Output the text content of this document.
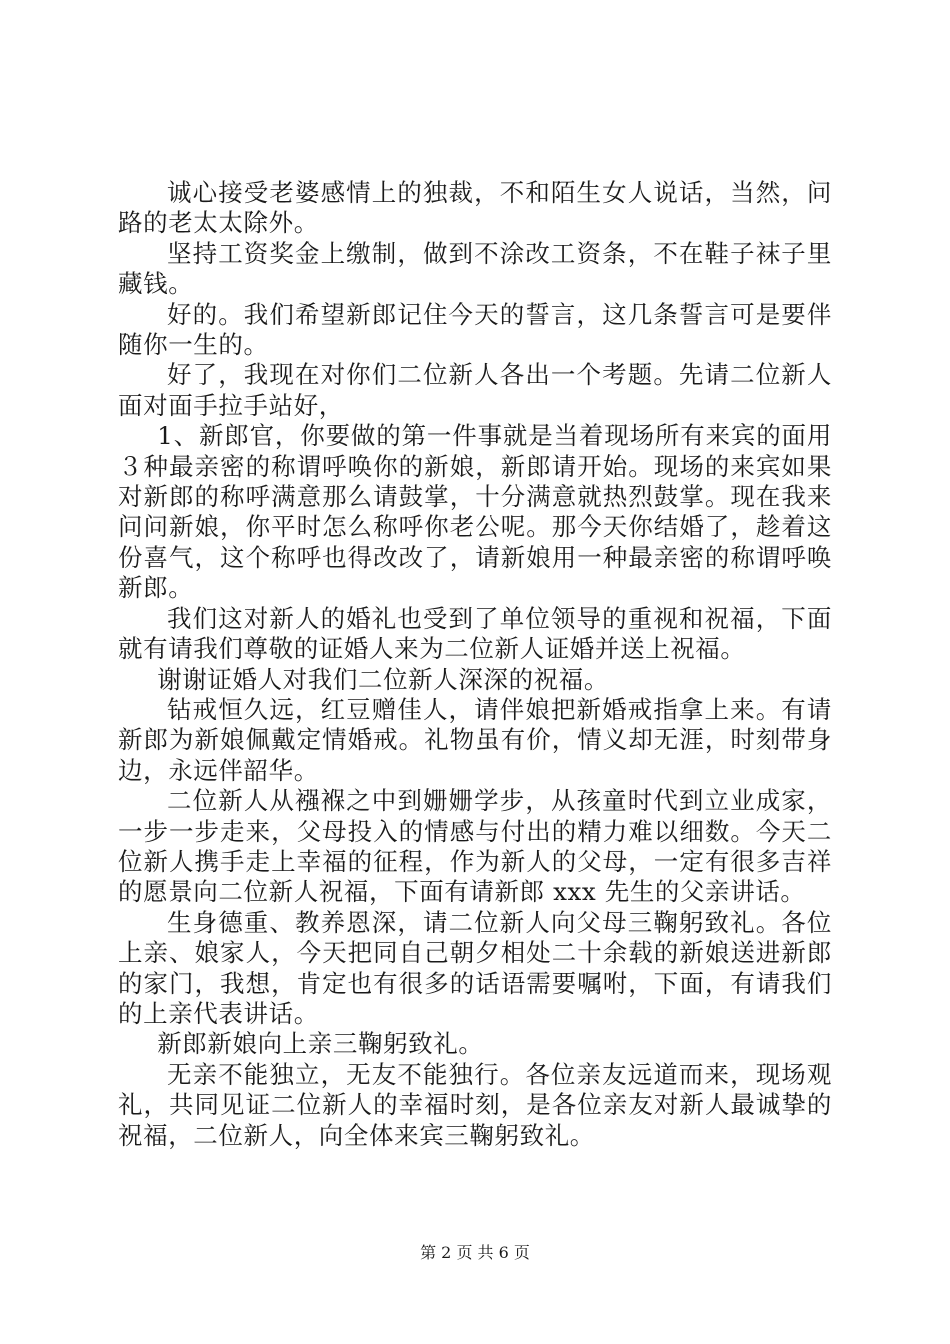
诚心接受老婆感情上的独裁，不和陌生女人说话，当然，问路的老太太除外。

坚持工资奖金上缴制，做到不涂改工资条，不在鞋子袜子里藏钱。

好的。我们希望新郎记住今天的誓言，这几条誓言可是要伴随你一生的。

好了，我现在对你们二位新人各出一个考题。先请二位新人面对面手拉手站好，

1、新郎官，你要做的第一件事就是当着现场所有来宾的面用３种最亲密的称谓呼唤你的新娘，新郎请开始。现场的来宾如果对新郎的称呼满意那么请鼓掌，十分满意就热烈鼓掌。现在我来问问新娘，你平时怎么称呼你老公呢。那今天你结婚了，趁着这份喜气，这个称呼也得改改了，请新娘用一种最亲密的称谓呼唤新郎。

我们这对新人的婚礼也受到了单位领导的重视和祝福，下面就有请我们尊敬的证婚人来为二位新人证婚并送上祝福。

谢谢证婚人对我们二位新人深深的祝福。

钻戒恒久远，红豆赠佳人，请伴娘把新婚戒指拿上来。有请新郎为新娘佩戴定情婚戒。礼物虽有价，情义却无涯，时刻带身边，永远伴韶华。

二位新人从襁褓之中到姗姗学步，从孩童时代到立业成家，一步一步走来，父母投入的情感与付出的精力难以细数。今天二位新人携手走上幸福的征程，作为新人的父母，一定有很多吉祥的愿景向二位新人祝福，下面有请新郎 xxx 先生的父亲讲话。

生身德重、教养恩深，请二位新人向父母三鞠躬致礼。各位上亲、娘家人，今天把同自己朝夕相处二十余载的新娘送进新郎的家门，我想，肯定也有很多的话语需要嘱咐，下面，有请我们的上亲代表讲话。

新郎新娘向上亲三鞠躬致礼。

无亲不能独立，无友不能独行。各位亲友远道而来，现场观礼，共同见证二位新人的幸福时刻，是各位亲友对新人最诚挚的祝福，二位新人，向全体来宾三鞠躬致礼。

第 2 页 共 6 页
